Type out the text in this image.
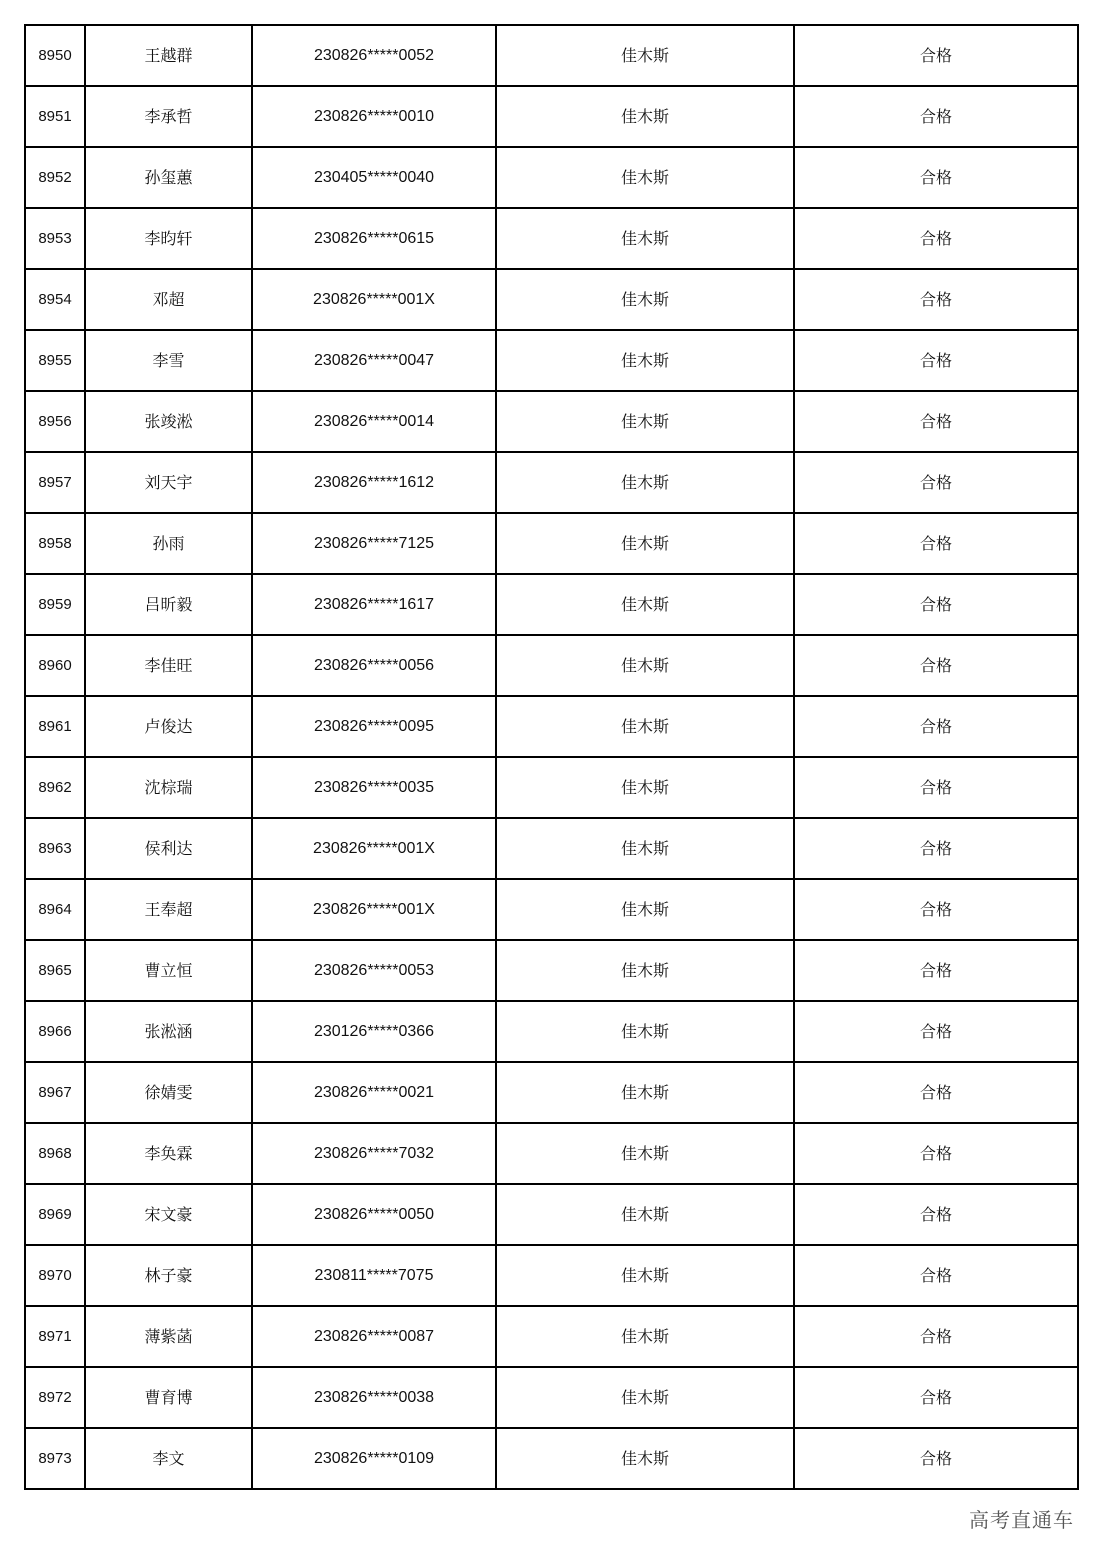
8950	王越群	230826*****0052	佳木斯	合格
8951	李承哲	230826*****0010	佳木斯	合格
8952	孙玺蕙	230405*****0040	佳木斯	合格
8953	李昀轩	230826*****0615	佳木斯	合格
8954	邓超	230826*****001X	佳木斯	合格
8955	李雪	230826*****0047	佳木斯	合格
8956	张竣淞	230826*****0014	佳木斯	合格
8957	刘天宇	230826*****1612	佳木斯	合格
8958	孙雨	230826*****7125	佳木斯	合格
8959	吕昕毅	230826*****1617	佳木斯	合格
8960	李佳旺	230826*****0056	佳木斯	合格
8961	卢俊达	230826*****0095	佳木斯	合格
8962	沈棕瑞	230826*****0035	佳木斯	合格
8963	侯利达	230826*****001X	佳木斯	合格
8964	王奉超	230826*****001X	佳木斯	合格
8965	曹立恒	230826*****0053	佳木斯	合格
8966	张淞涵	230126*****0366	佳木斯	合格
8967	徐婧雯	230826*****0021	佳木斯	合格
8968	李奂霖	230826*****7032	佳木斯	合格
8969	宋文豪	230826*****0050	佳木斯	合格
8970	林子豪	230811*****7075	佳木斯	合格
8971	薄紫菡	230826*****0087	佳木斯	合格
8972	曹育博	230826*****0038	佳木斯	合格
8973	李文	230826*****0109	佳木斯	合格
高考直通车
